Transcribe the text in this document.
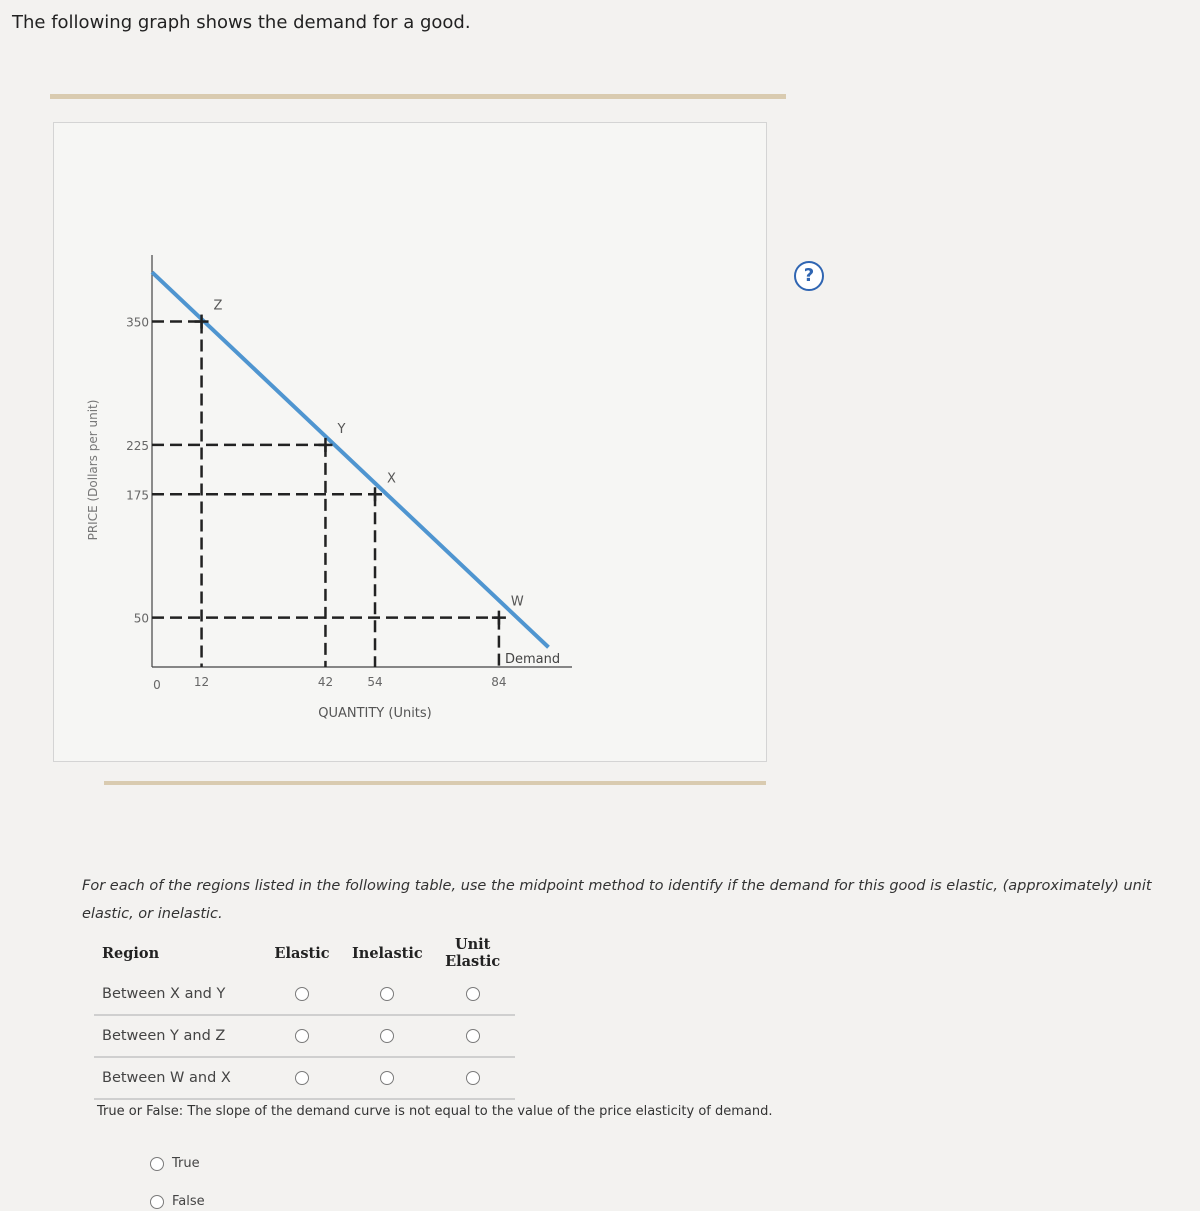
The following graph shows the demand for a good.
?
Z
Y
X
W
350
225
175
50
12	42	54	84
0
Demand
QUANTITY (Units)
PRICE (Dollars per unit)
For each of the regions listed in the following table, use the midpoint method to identify if the demand for this good is elastic, (approximately) unit elastic, or inelastic.
Region	Elastic	Inelastic	Unit Elastic
Between X and Y			
Between Y and Z			
Between W and X			
True or False: The slope of the demand curve is not equal to the value of the price elasticity of demand.
True
False
